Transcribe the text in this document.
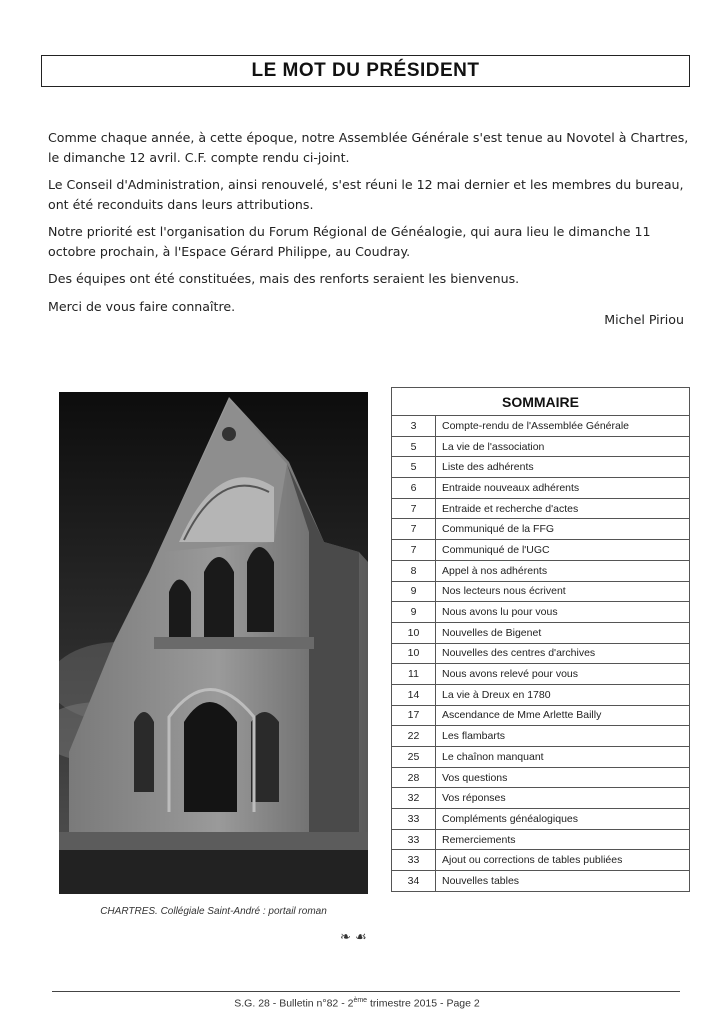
LE MOT DU PRÉSIDENT

Comme chaque année, à cette époque, notre Assemblée Générale s'est tenue au Novotel à Chartres, le dimanche 12 avril. C.F. compte rendu ci-joint.

Le Conseil d'Administration, ainsi renouvelé, s'est réuni le 12 mai dernier et les membres du bureau, ont été reconduits dans leurs attributions.

Notre priorité est l'organisation du Forum Régional de Généalogie, qui aura lieu le dimanche 11 octobre prochain, à l'Espace Gérard Philippe, au Coudray.

Des équipes ont été constituées, mais des renforts seraient les bienvenus.

Merci de vous faire connaître.

Michel Piriou
CHARTRES. Collégiale Saint-André : portail roman
❧ ☙
SOMMAIRE	
3	Compte-rendu de l'Assemblée Générale
5	La vie de l'association
5	Liste des adhérents
6	Entraide nouveaux adhérents
7	Entraide et recherche d'actes
7	Communiqué de la FFG
7	Communiqué de l'UGC
8	Appel à nos adhérents
9	Nos lecteurs nous écrivent
9	Nous avons lu pour vous
10	Nouvelles de Bigenet
10	Nouvelles des centres d'archives
11	Nous avons relevé pour vous
14	La vie à Dreux en 1780
17	Ascendance de Mme Arlette Bailly
22	Les flambarts
25	Le chaînon manquant
28	Vos questions
32	Vos réponses
33	Compléments généalogiques
33	Remerciements
33	Ajout ou corrections de tables publiées
34	Nouvelles tables
S.G. 28 - Bulletin n°82 - 2ème trimestre 2015 - Page 2
